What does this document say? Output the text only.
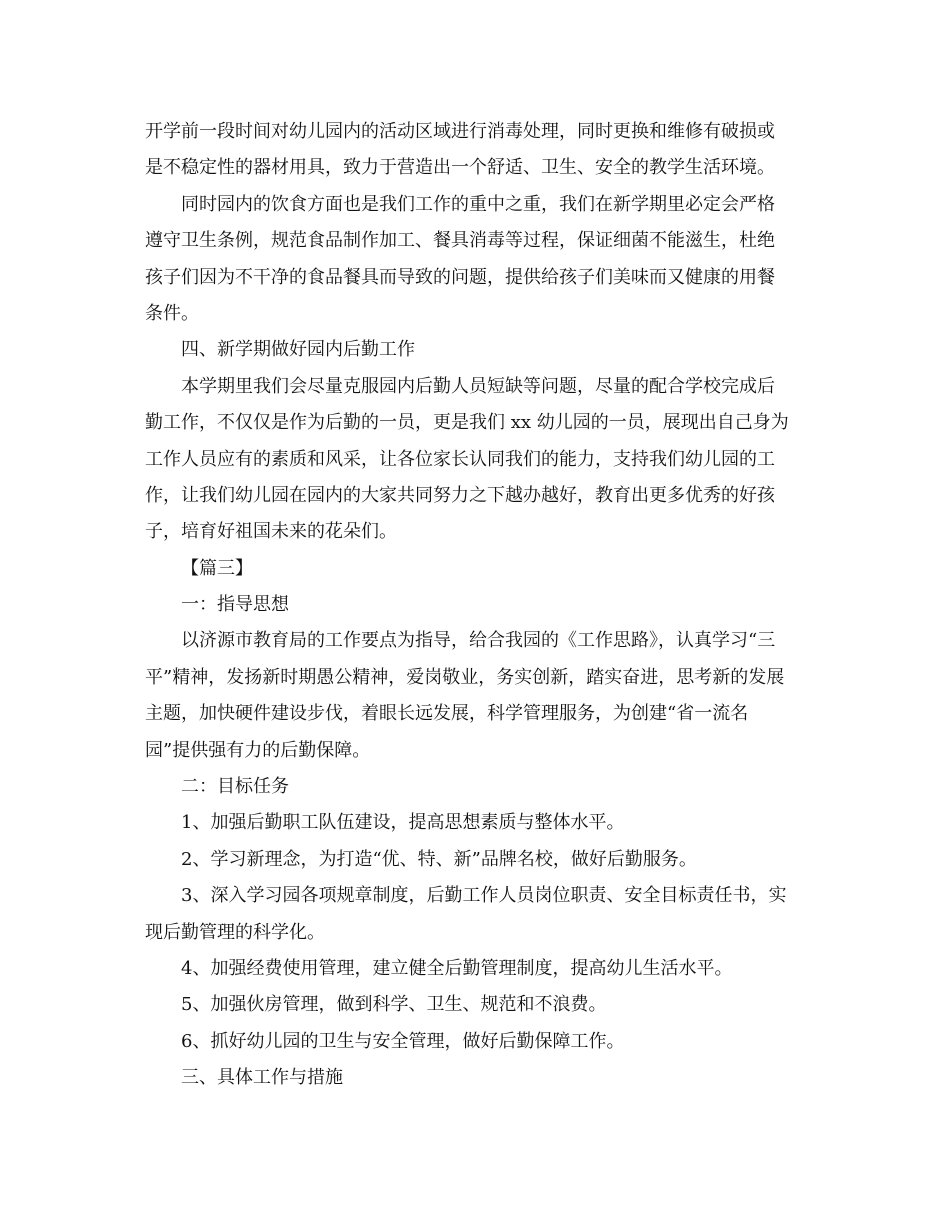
开学前一段时间对幼儿园内的活动区域进行消毒处理，同时更换和维修有破损或
是不稳定性的器材用具，致力于营造出一个舒适、卫生、安全的教学生活环境。
同时园内的饮食方面也是我们工作的重中之重，我们在新学期里必定会严格
遵守卫生条例，规范食品制作加工、餐具消毒等过程，保证细菌不能滋生，杜绝
孩子们因为不干净的食品餐具而导致的问题，提供给孩子们美味而又健康的用餐
条件。
四、新学期做好园内后勤工作
本学期里我们会尽量克服园内后勤人员短缺等问题，尽量的配合学校完成后
勤工作，不仅仅是作为后勤的一员，更是我们 xx 幼儿园的一员，展现出自己身为
工作人员应有的素质和风采，让各位家长认同我们的能力，支持我们幼儿园的工
作，让我们幼儿园在园内的大家共同努力之下越办越好，教育出更多优秀的好孩
子，培育好祖国未来的花朵们。
【篇三】
一：指导思想
以济源市教育局的工作要点为指导，给合我园的《工作思路》，认真学习“三
平”精神，发扬新时期愚公精神，爱岗敬业，务实创新，踏实奋进，思考新的发展
主题，加快硬件建设步伐，着眼长远发展，科学管理服务，为创建“省一流名
园”提供强有力的后勤保障。
二：目标任务
1、加强后勤职工队伍建设，提高思想素质与整体水平。
2、学习新理念，为打造“优、特、新”品牌名校，做好后勤服务。
3、深入学习园各项规章制度，后勤工作人员岗位职责、安全目标责任书，实
现后勤管理的科学化。
4、加强经费使用管理，建立健全后勤管理制度，提高幼儿生活水平。
5、加强伙房管理，做到科学、卫生、规范和不浪费。
6、抓好幼儿园的卫生与安全管理，做好后勤保障工作。
三、具体工作与措施
